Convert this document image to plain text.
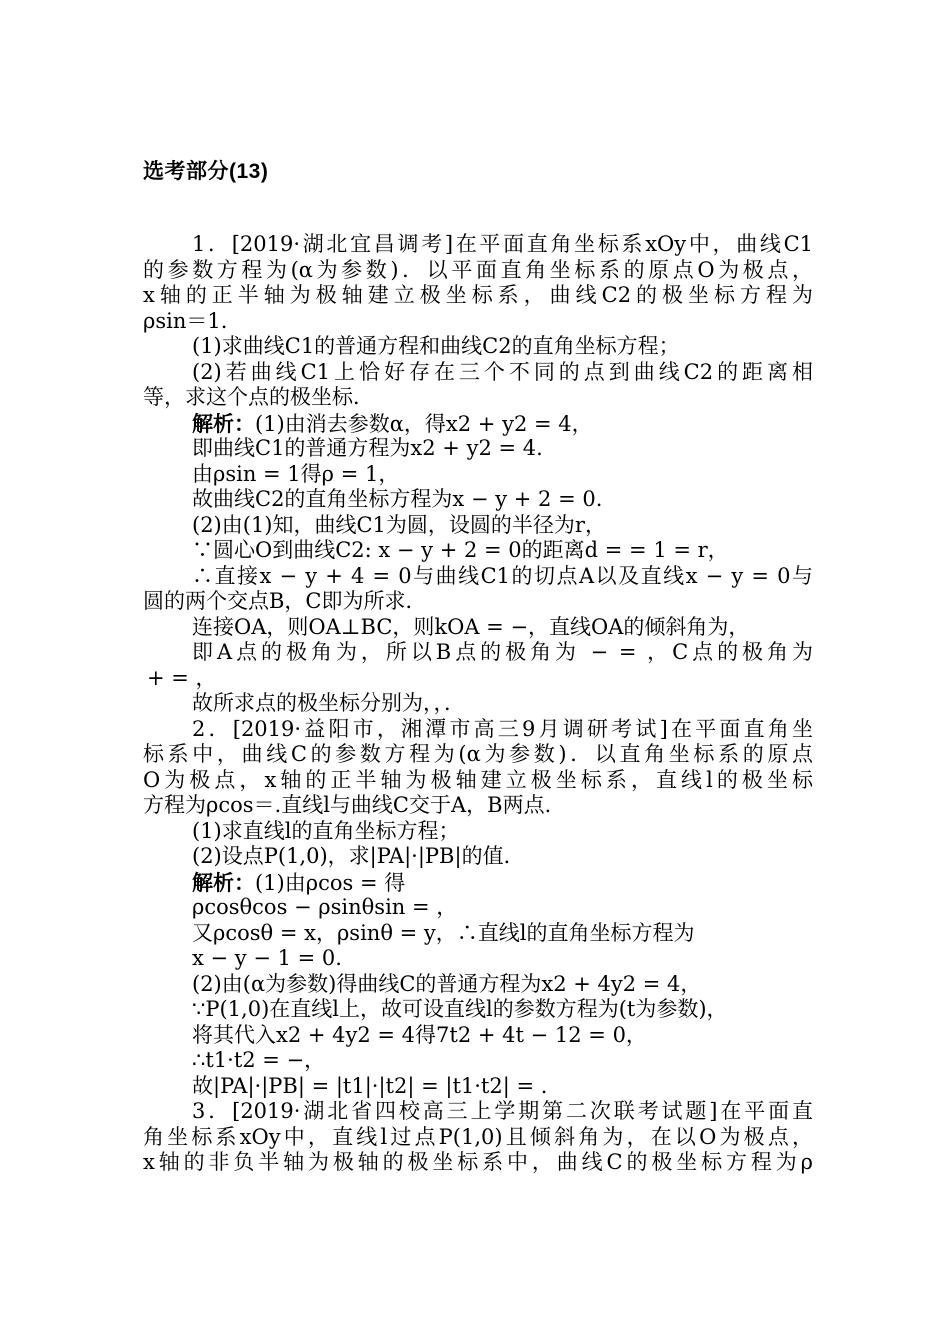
选考部分(13)
1．[2019·湖北宜昌调考]在平面直角坐标系xOy中，曲线C1
的参数方程为(α为参数)．以平面直角坐标系的原点O为极点，
x轴的正半轴为极轴建立极坐标系，曲线C2的极坐标方程为
ρsin＝1.
(1)求曲线C1的普通方程和曲线C2的直角坐标方程；
(2)若曲线C1上恰好存在三个不同的点到曲线C2的距离相
等，求这个点的极坐标．
解析：(1)由消去参数α，得x2 + y2 = 4，
即曲线C1的普通方程为x2 + y2 = 4.
由ρsin = 1得ρ = 1，
故曲线C2的直角坐标方程为x − y + 2 = 0.
(2)由(1)知，曲线C1为圆，设圆的半径为r，
∵圆心O到曲线C2: x − y + 2 = 0的距离d = = 1 = r，
∴直接x − y + 4 = 0与曲线C1的切点A以及直线x − y = 0与
圆的两个交点B，C即为所求．
连接OA，则OA⊥BC，则kOA = −，直线OA的倾斜角为，
即A点的极角为，所以B点的极角为 − = ，C点的极角为
+ = ，
故所求点的极坐标分别为，，．
2．[2019·益阳市，湘潭市高三9月调研考试]在平面直角坐
标系中，曲线C的参数方程为(α为参数)．以直角坐标系的原点
O为极点，x轴的正半轴为极轴建立极坐标系，直线l的极坐标
方程为ρcos＝.直线l与曲线C交于A，B两点．
(1)求直线l的直角坐标方程；
(2)设点P(1,0)，求|PA|·|PB|的值．
解析：(1)由ρcos = 得
ρcosθcos − ρsinθsin = ，
又ρcosθ = x，ρsinθ = y，∴直线l的直角坐标方程为
x − y − 1 = 0.
(2)由(α为参数)得曲线C的普通方程为x2 + 4y2 = 4，
∵P(1,0)在直线l上，故可设直线l的参数方程为(t为参数)，
将其代入x2 + 4y2 = 4得7t2 + 4t − 12 = 0，
∴t1·t2 = −，
故|PA|·|PB| = |t1|·|t2| = |t1·t2| = .
3．[2019·湖北省四校高三上学期第二次联考试题]在平面直
角坐标系xOy中，直线l过点P(1,0)且倾斜角为，在以O为极点，
x轴的非负半轴为极轴的极坐标系中，曲线C的极坐标方程为ρ
